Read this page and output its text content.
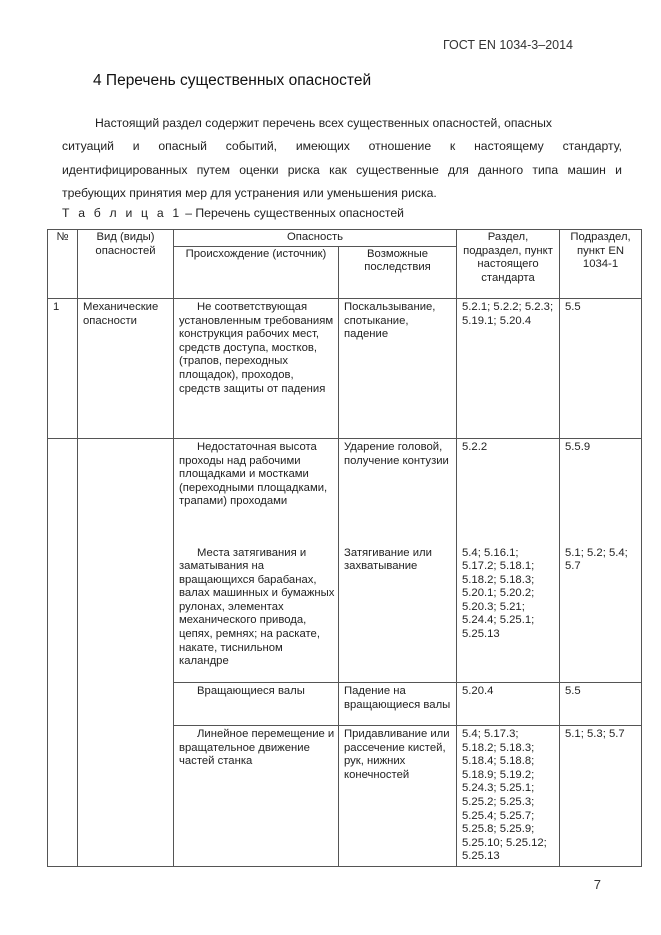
ГОСТ EN 1034-3–2014
4 Перечень существенных опасностей

Настоящий раздел содержит перечень всех существенных опасностей, опасных
ситуаций и опасный событий, имеющих отношение к настоящему стандарту, идентифицированных путем оценки риска как существенные для данного типа машин и требующих принятия мер для устранения или уменьшения риска.

Т а б л и ц а 1 – Перечень существенных опасностей
№	Вид (виды) опасностей	Опасность		Раздел, подраздел, пункт настоящего стандарта	Подраздел, пункт EN 1034-1
		Происхождение (источник)	Возможные последствия		
1	Механические опасности	Не соответствующая установленным требованиям конструкция рабочих мест, средств доступа, мостков, (трапов, переходных площадок), проходов, средств защиты от падения	Поскальзывание, спотыкание, падение	5.2.1; 5.2.2; 5.2.3; 5.19.1; 5.20.4	5.5
		Недостаточная высота проходы над рабочими площадками и мостками (переходными площадками, трапами) проходами	Ударение головой, получение контузии	5.2.2	5.5.9
		Места затягивания и заматывания на вращающихся барабанах, валах машинных и бумажных рулонах, элементах механического привода, цепях, ремнях; на раскате, накате, тиснильном каландре	Затягивание или захватывание	5.4; 5.16.1; 5.17.2; 5.18.1; 5.18.2; 5.18.3; 5.20.1; 5.20.2; 5.20.3; 5.21; 5.24.4; 5.25.1; 5.25.13	5.1; 5.2; 5.4; 5.7
		Вращающиеся валы	Падение на вращающиеся валы	5.20.4	5.5
		Линейное перемещение и вращательное движение частей станка	Придавливание или рассечение кистей, рук, нижних конечностей	5.4; 5.17.3; 5.18.2; 5.18.3; 5.18.4; 5.18.8; 5.18.9; 5.19.2; 5.24.3; 5.25.1; 5.25.2; 5.25.3; 5.25.4; 5.25.7; 5.25.8; 5.25.9; 5.25.10; 5.25.12; 5.25.13	5.1; 5.3; 5.7
7
